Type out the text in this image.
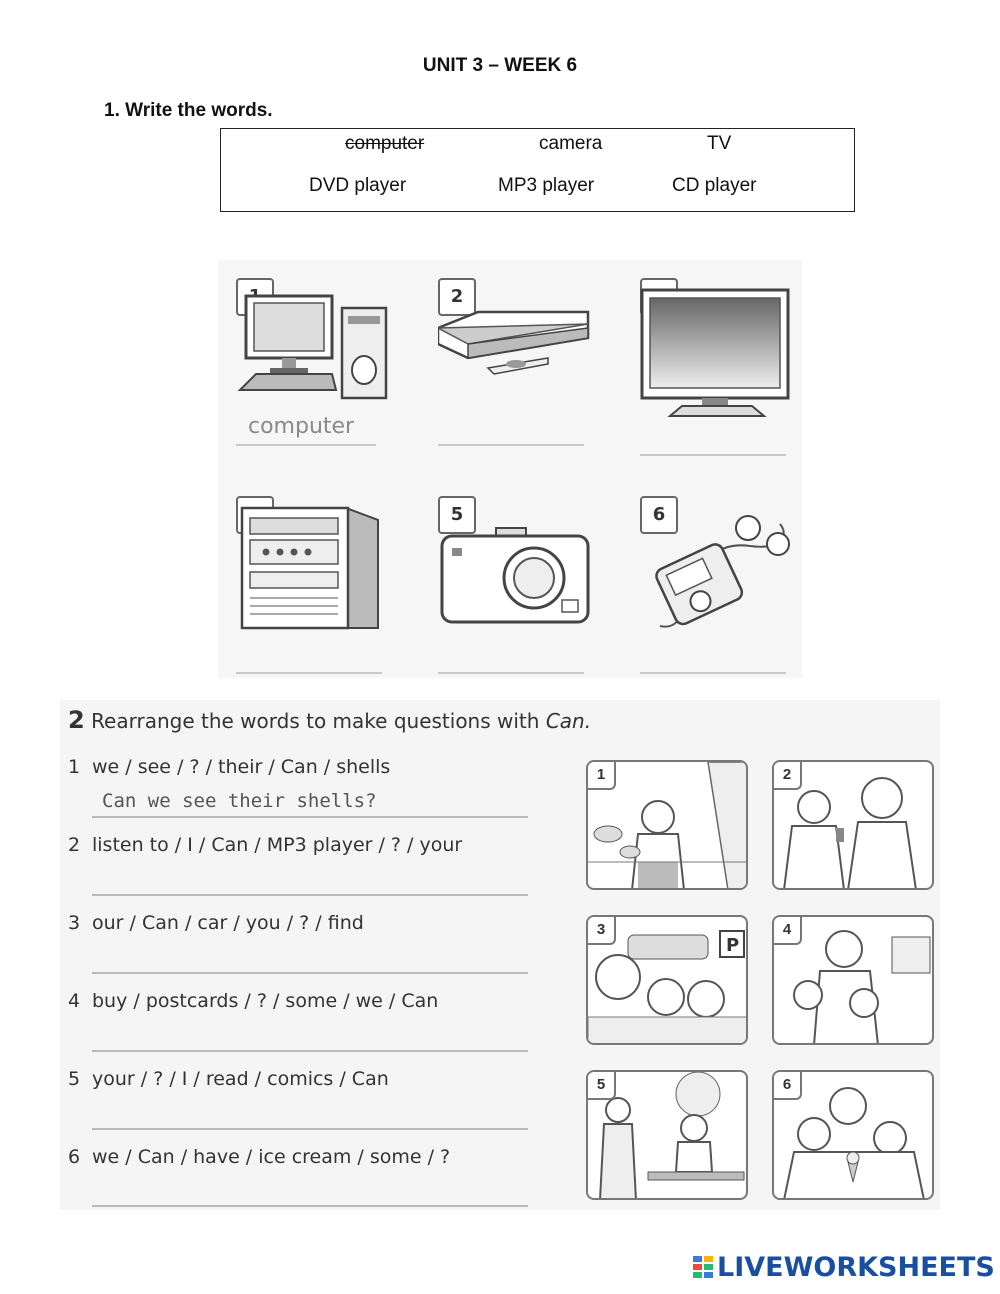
UNIT 3 – WEEK 6
1. Write the words.
computer	camera	TV
DVD player	MP3 player	CD player
computer
2
5	6
2 Rearrange the words to make questions with Can.
1 we / see / ? / their / Can / shells
Can we see their shells?
2 listen to / I / Can / MP3 player / ? / your
3 our / Can / car / you / ? / find
4 buy / postcards / ? / some / we / Can
5 your / ? / I / read / comics / Can
6 we / Can / have / ice cream / some / ?
1	2
3
P
4
5	6
LIVEWORKSHEETS
